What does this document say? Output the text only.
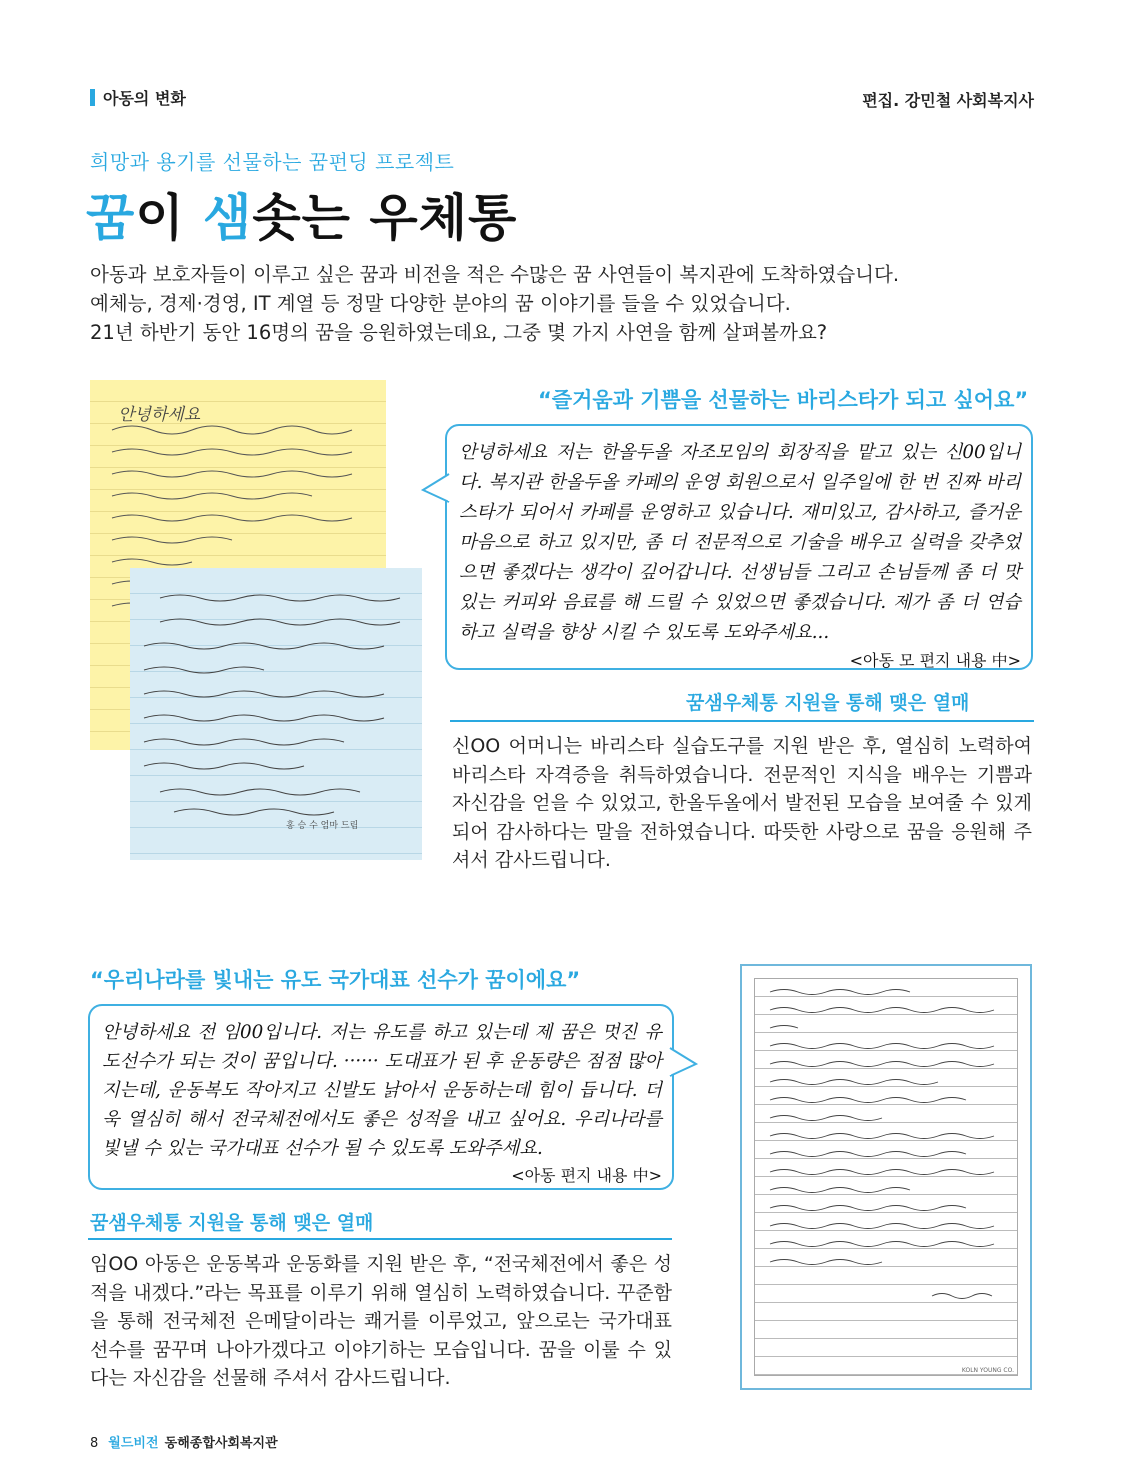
아동의 변화	편집. 강민철 사회복지사
희망과 용기를 선물하는 꿈펀딩 프로젝트
꿈이 샘솟는 우체통

아동과 보호자들이 이루고 싶은 꿈과 비전을 적은 수많은 꿈 사연들이 복지관에 도착하였습니다.

예체능, 경제·경영, IT 계열 등 정말 다양한 분야의 꿈 이야기를 들을 수 있었습니다.

21년 하반기 동안 16명의 꿈을 응원하였는데요, 그중 몇 가지 사연을 함께 살펴볼까요?

안녕하세요
홍 승 수 엄마 드림
“즐거움과 기쁨을 선물하는 바리스타가 되고 싶어요”

안녕하세요 저는 한올두올 자조모임의 회장직을 맡고 있는 신00입니다. 복지관 한올두올 카페의 운영 회원으로서 일주일에 한 번 진짜 바리스타가 되어서 카페를 운영하고 있습니다. 재미있고, 감사하고, 즐거운 마음으로 하고 있지만, 좀 더 전문적으로 기술을 배우고 실력을 갖추었으면 좋겠다는 생각이 깊어갑니다. 선생님들 그리고 손님들께 좀 더 맛있는 커피와 음료를 해 드릴 수 있었으면 좋겠습니다. 제가 좀 더 연습하고 실력을 향상 시킬 수 있도록 도와주세요...

<아동 모 편지 내용 中>
꿈샘우체통 지원을 통해 맺은 열매

신OO 어머니는 바리스타 실습도구를 지원 받은 후, 열심히 노력하여 바리스타 자격증을 취득하였습니다. 전문적인 지식을 배우는 기쁨과 자신감을 얻을 수 있었고, 한올두올에서 발전된 모습을 보여줄 수 있게 되어 감사하다는 말을 전하였습니다. 따뜻한 사랑으로 꿈을 응원해 주셔서 감사드립니다.

“우리나라를 빛내는 유도 국가대표 선수가 꿈이에요”

안녕하세요 전 임00입니다. 저는 유도를 하고 있는데 제 꿈은 멋진 유도선수가 되는 것이 꿈입니다. ······ 도대표가 된 후 운동량은 점점 많아지는데, 운동복도 작아지고 신발도 낡아서 운동하는데 힘이 듭니다. 더욱 열심히 해서 전국체전에서도 좋은 성적을 내고 싶어요. 우리나라를 빛낼 수 있는 국가대표 선수가 될 수 있도록 도와주세요.

<아동 편지 내용 中>
꿈샘우체통 지원을 통해 맺은 열매

임OO 아동은 운동복과 운동화를 지원 받은 후, “전국체전에서 좋은 성적을 내겠다.”라는 목표를 이루기 위해 열심히 노력하였습니다. 꾸준함을 통해 전국체전 은메달이라는 쾌거를 이루었고, 앞으로는 국가대표 선수를 꿈꾸며 나아가겠다고 이야기하는 모습입니다. 꿈을 이룰 수 있다는 자신감을 선물해 주셔서 감사드립니다.	KOLN YOUNG CO.
8 월드비전 동해종합사회복지관
